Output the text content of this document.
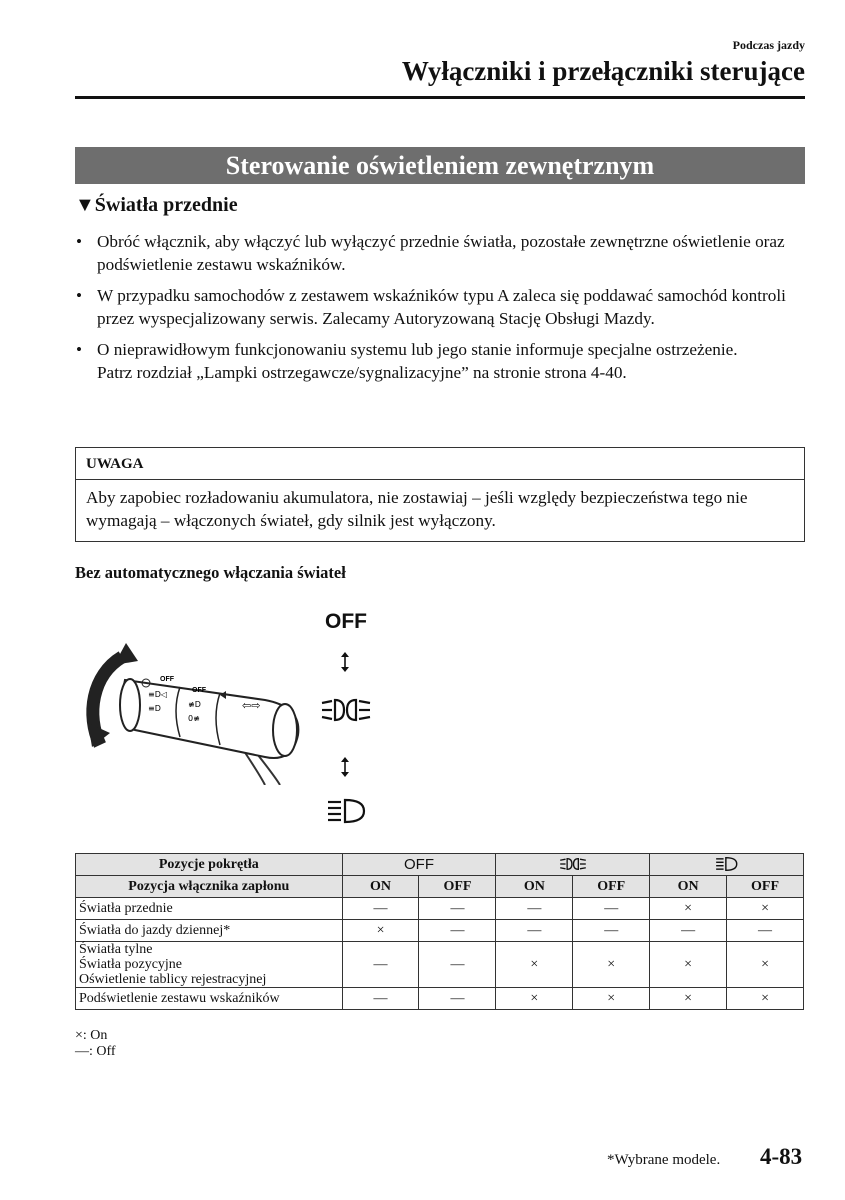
Podczas jazdy
Wyłączniki i przełączniki sterujące
Sterowanie oświetleniem zewnętrznym
▼Światła przednie
• Obróć włącznik, aby włączyć lub wyłączyć przednie światła, pozostałe zewnętrzne oświetlenie oraz podświetlenie zestawu wskaźników.
• W przypadku samochodów z zestawem wskaźników typu A zaleca się poddawać samochód kontroli przez wyspecjalizowany serwis. Zalecamy Autoryzowaną Stację Obsługi Mazdy.
• O nieprawidłowym funkcjonowaniu systemu lub jego stanie informuje specjalne ostrzeżenie.
Patrz rozdział „Lampki ostrzegawcze/sygnalizacyjne” na stronie strona 4-40.
UWAGA
Aby zapobiec rozładowaniu akumulatora, nie zostawiaj – jeśli względy bezpieczeństwa tego nie wymagają – włączonych świateł, gdy silnik jest wyłączony.
Bez automatycznego włączania świateł
OFF
OFF
≡D◁
≡D	≢D
0≢
⇦⇨
OFF
Pozycje pokrętła	OFF		
Pozycja włącznika zapłonu	ON	OFF	ON	OFF	ON	OFF
Światła przednie	—	—	—	—	×	×
Światła do jazdy dziennej*	×	—	—	—	—	—
Światła tylne
Światła pozycyjne
Oświetlenie tablicy rejestracyjnej	—	—	×	×	×	×
Podświetlenie zestawu wskaźników	—	—	×	×	×	×
×: On
—: Off
*Wybrane modele. 4-83
